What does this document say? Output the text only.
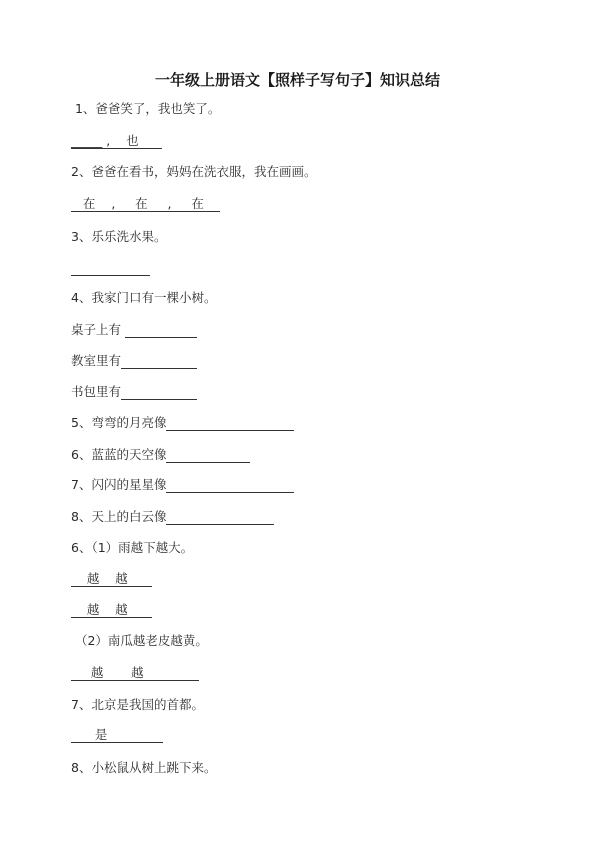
一年级上册语文【照样子写句子】知识总结
1、爸爸笑了，我也笑了。
_____ ,    也
2、爸爸在看书，妈妈在洗衣服，我在画画。
在    ,     在     ,     在
3、乐乐洗水果。

4、我家门口有一棵小树。
桌子上有
教室里有
书包里有
5、弯弯的月亮像
6、蓝蓝的天空像
7、闪闪的星星像
8、天上的白云像
6、（1）雨越下越大。
越    越
越    越
（2）南瓜越老皮越黄。
越       越
7、北京是我国的首都。
是
8、小松鼠从树上跳下来。
